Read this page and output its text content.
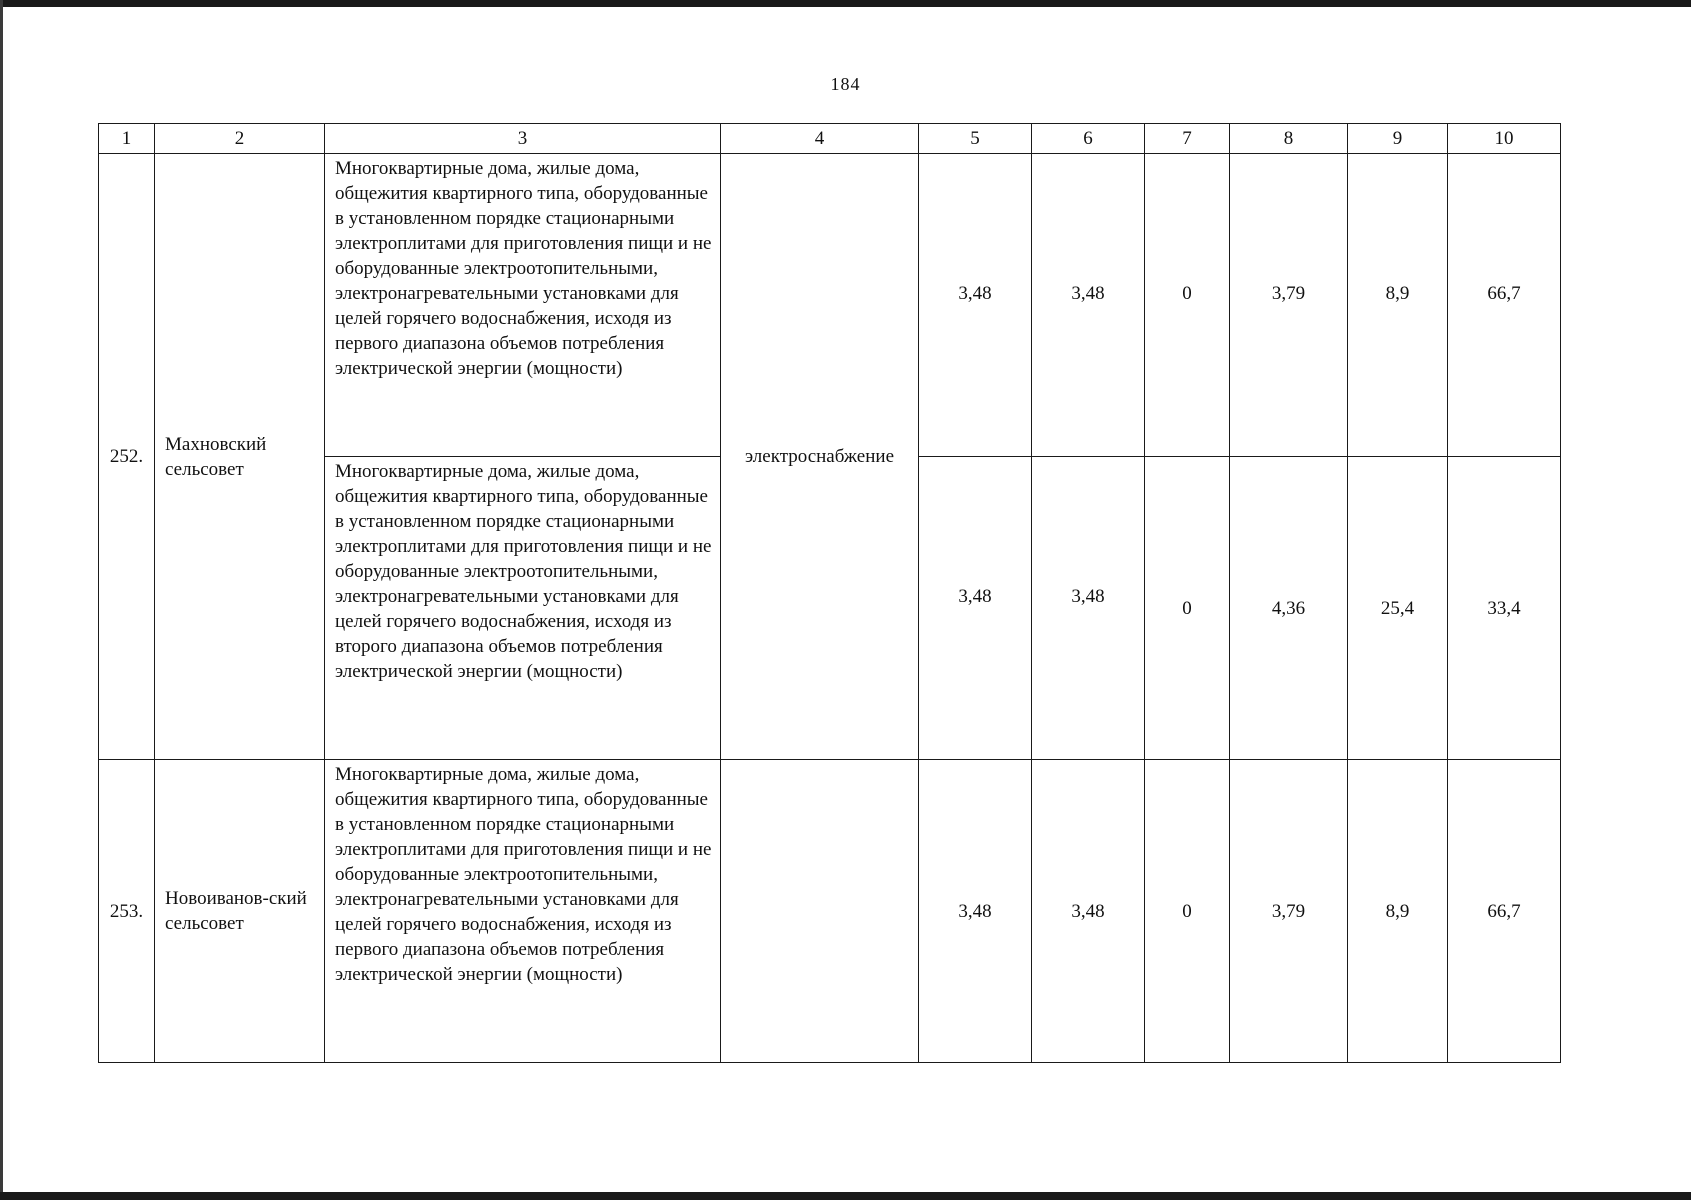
184
1	2	3	4	5	6	7	8	9	10
252.	Махновский сельсовет	Многоквартирные дома, жилые дома, общежития квартирного типа, оборудованные в установленном порядке стационарными электроплитами для приготовления пищи и не оборудованные электроотопительными, электронагревательными установками для целей горячего водоснабжения, исходя из первого диапазона объемов потребления электрической энергии (мощности)	электроснабжение	3,48	3,48	0	3,79	8,9	66,7
		Многоквартирные дома, жилые дома, общежития квартирного типа, оборудованные в установленном порядке стационарными электроплитами для приготовления пищи и не оборудованные электроотопительными, электронагревательными установками для целей горячего водоснабжения, исходя из второго диапазона объемов потребления электрической энергии (мощности)		3,48	3,48	0	4,36	25,4	33,4
253.	Новоиванов-ский сельсовет	Многоквартирные дома, жилые дома, общежития квартирного типа, оборудованные в установленном порядке стационарными электроплитами для приготовления пищи и не оборудованные электроотопительными, электронагревательными установками для целей горячего водоснабжения, исходя из первого диапазона объемов потребления электрической энергии (мощности)		3,48	3,48	0	3,79	8,9	66,7
